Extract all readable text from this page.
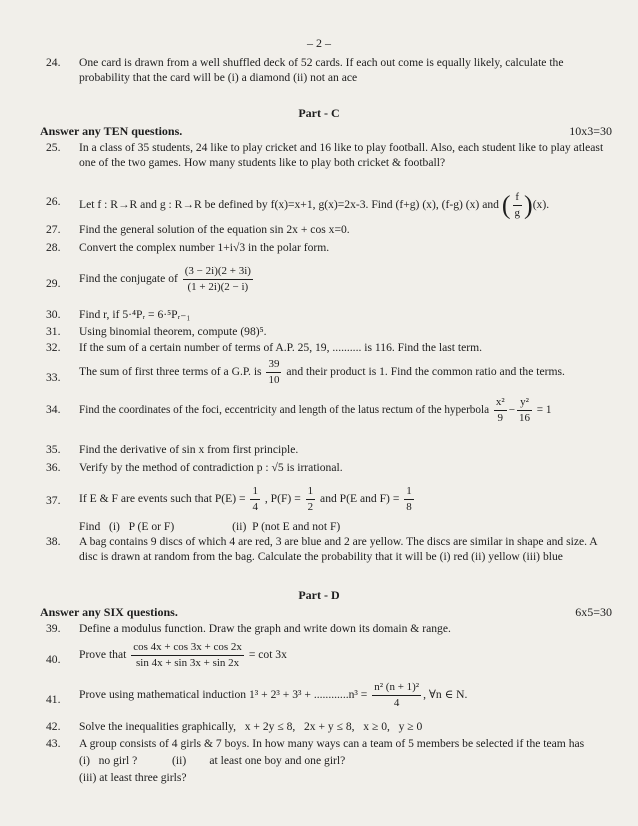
– 2 –
24.	One card is drawn from a well shuffled deck of 52 cards. If each out come is equally likely, calculate the probability that the card will be (i) a diamond (ii) not an ace
Part - C
Answer any TEN questions.	10x3=30
25.	In a class of 35 students, 24 like to play cricket and 16 like to play football. Also, each student like to play atleast one of the two games. How many students like to play both cricket & football?
26.	Let f : R→R and g : R→R be defined by f(x)=x+1, g(x)=2x-3. Find (f+g) (x), (f-g) (x) and ( $\frac{f}{g} )(x)$.
27.	Find the general solution of the equation sin 2x + cos x=0.
28.	Convert the complex number 1+i√3 in the polar form.
29.	Find the conjugate of $\frac{(3 - 2i)(2 + 3i)}{(1 + 2i)(2 - i)}$
30.	Find r, if 5·⁴Pᵣ = 6·⁵Pᵣ₋₁
31.	Using binomial theorem, compute (98)⁵.
32.	If the sum of a certain number of terms of A.P. 25, 19, .......... is 116. Find the last term.
33.	The sum of first three terms of a G.P. is $\frac{39}{10}$ and their product is 1. Find the common ratio and the terms.
34.	Find the coordinates of the foci, eccentricity and length of the latus rectum of the hyperbola $\frac{\text{x²}}{9} - \frac{\text{y²}}{16} = 1$
35.	Find the derivative of sin x from first principle.
36.	Verify by the method of contradiction p : √5 is irrational.
37.	If E & F are events such that $P(E) = \frac{1}{4}$ , $P(F) = \frac{1}{2}$ and P(E and $F) = \frac{1}{8}$
Find   (i)   P (E or F)                    (ii)  P (not E and not F)
38.	A bag contains 9 discs of which 4 are red, 3 are blue and 2 are yellow. The discs are similar in shape and size. A disc is drawn at random from the bag. Calculate the probability that it will be (i) red (ii) yellow (iii) blue
Part - D
Answer any SIX questions.	6x5=30
39.	Define a modulus function. Draw the graph and write down its domain & range.
40.	Prove that $\frac{\cos 4x + \cos 3x + \cos 2x}{\sin 4x + \sin 3x + \sin 2x} = \cot 3x$
41.	Prove using mathematical induction $1^3 + 2^3 + 3^3 + ............n^3 = \frac{\text{n² (n + 1)²}}{4}$ , ∀n ∈ N.
42.	Solve the inequalities graphically,   x + 2y ≤ 8,   2x + y ≤ 8,   x ≥ 0,   y ≥ 0
43.	A group consists of 4 girls & 7 boys. In how many ways can a team of 5 members be selected if the team has
(i)   no girl ?            (ii)        at least one boy and one girl?
(iii) at least three girls?
